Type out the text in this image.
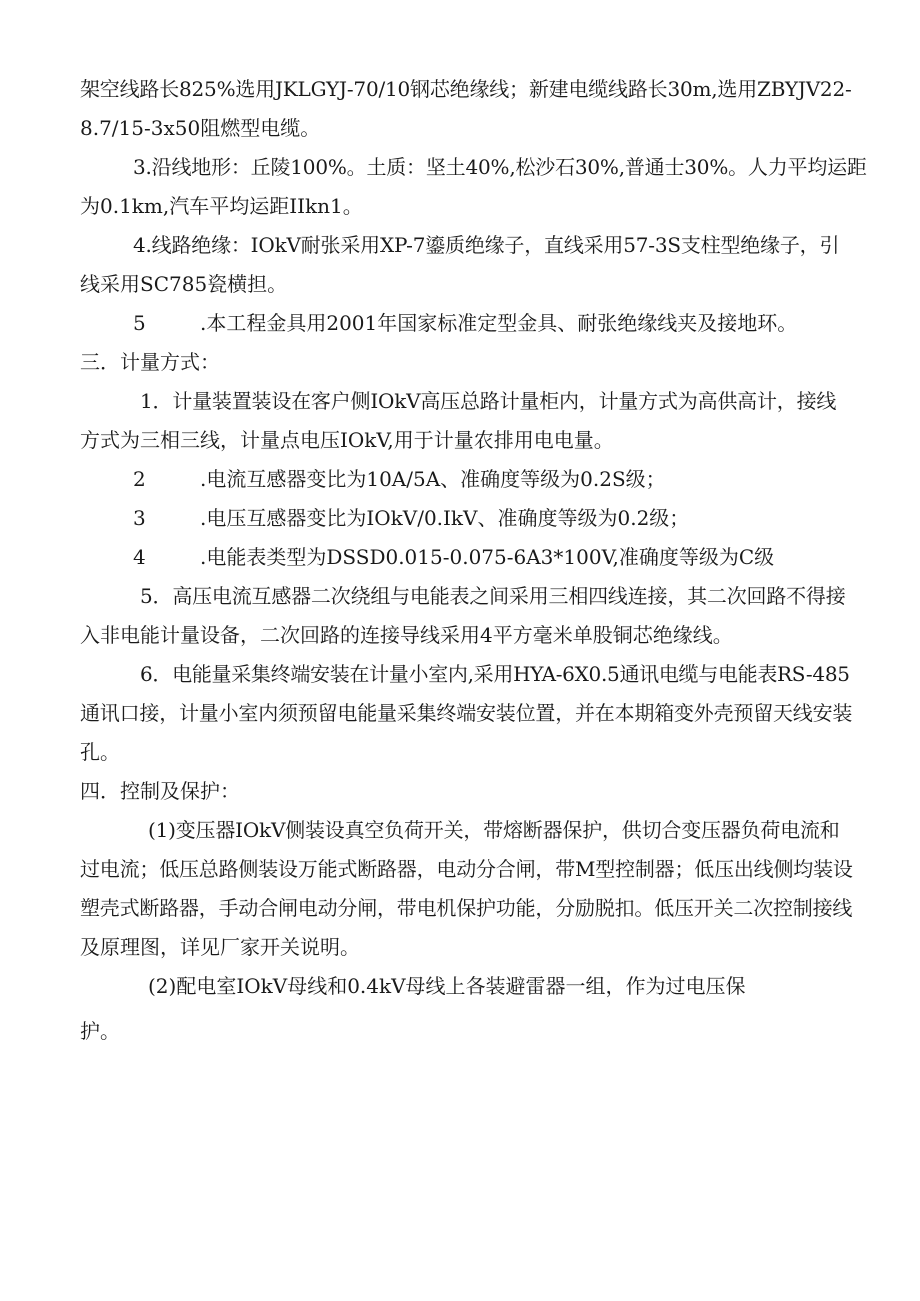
架空线路长825%选用JKLGYJ-70/10钢芯绝缘线；新建电缆线路长30m,选用ZBYJV22-
8.7/15-3x50阻燃型电缆。
3.沿线地形：丘陵100%。土质：坚土40%,松沙石30%,普通士30%。人力平均运距
为0.1km,汽车平均运距IIkn1。
4.线路绝缘：IOkV耐张采用XP-7鎏质绝缘子，直线采用57-3S支柱型绝缘子，引
线采用SC785瓷横担。
5	.本工程金具用2001年国家标准定型金具、耐张绝缘线夹及接地环。
三．计量方式：
1．计量装置装设在客户侧IOkV高压总路计量柜内，计量方式为高供高计，接线
方式为三相三线，计量点电压IOkV,用于计量农排用电电量。
2	.电流互感器变比为10A/5A、准确度等级为0.2S级；
3	.电压互感器变比为IOkV/0.IkV、准确度等级为0.2级；
4	.电能表类型为DSSD0.015-0.075-6A3*100V,准确度等级为C级
5．高压电流互感器二次绕组与电能表之间采用三相四线连接，其二次回路不得接
入非电能计量设备，二次回路的连接导线采用4平方毫米单股铜芯绝缘线。
6．电能量采集终端安装在计量小室内,采用HYA-6X0.5通讯电缆与电能表RS-485
通讯口接，计量小室内须预留电能量采集终端安装位置，并在本期箱变外壳预留天线安装
孔。
四．控制及保护：
(1)变压器IOkV侧装设真空负荷开关，带熔断器保护，供切合变压器负荷电流和
过电流；低压总路侧装设万能式断路器，电动分合闸，带M型控制器；低压出线侧均装设
塑壳式断路器，手动合闸电动分闸，带电机保护功能，分励脱扣。低压开关二次控制接线
及原理图，详见厂家开关说明。
(2)配电室IOkV母线和0.4kV母线上各装避雷器一组，作为过电压保
护。
